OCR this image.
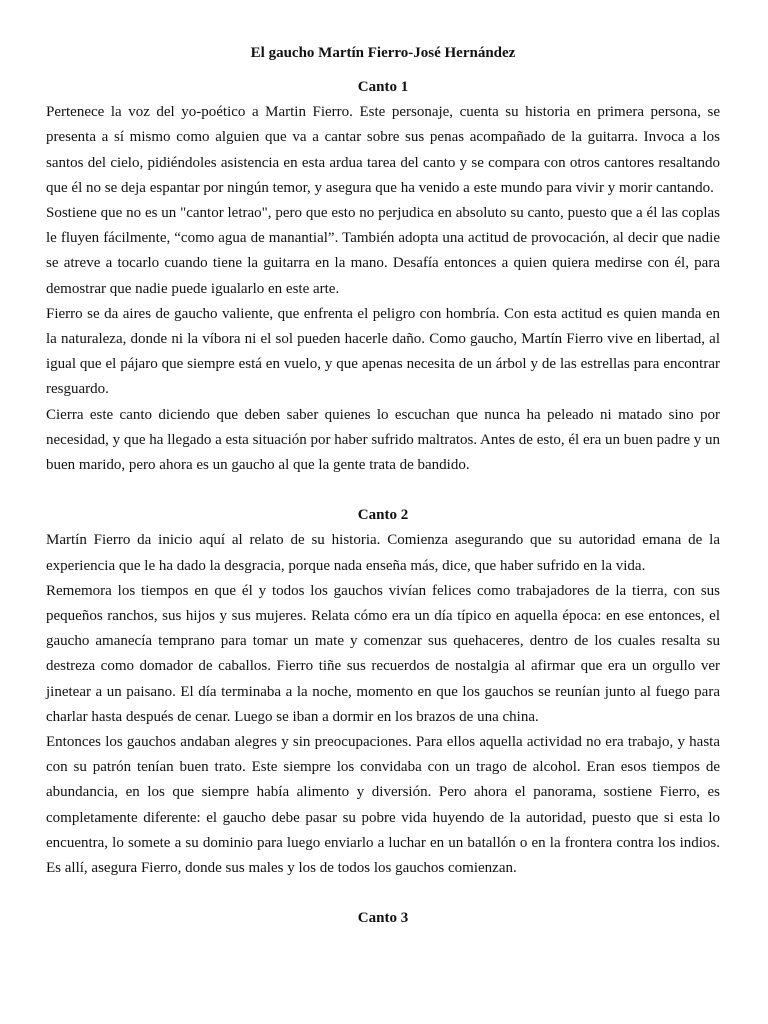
El gaucho Martín Fierro-José Hernández
Canto 1

Pertenece la voz del yo-poético a Martin Fierro. Este personaje, cuenta su historia en primera persona, se presenta a sí mismo como alguien que va a cantar sobre sus penas acompañado de la guitarra. Invoca a los santos del cielo, pidiéndoles asistencia en esta ardua tarea del canto y se compara con otros cantores resaltando que él no se deja espantar por ningún temor, y asegura que ha venido a este mundo para vivir y morir cantando.

Sostiene que no es un "cantor letrao", pero que esto no perjudica en absoluto su canto, puesto que a él las coplas le fluyen fácilmente, “como agua de manantial”. También adopta una actitud de provocación, al decir que nadie se atreve a tocarlo cuando tiene la guitarra en la mano. Desafía entonces a quien quiera medirse con él, para demostrar que nadie puede igualarlo en este arte.

Fierro se da aires de gaucho valiente, que enfrenta el peligro con hombría. Con esta actitud es quien manda en la naturaleza, donde ni la víbora ni el sol pueden hacerle daño. Como gaucho, Martín Fierro vive en libertad, al igual que el pájaro que siempre está en vuelo, y que apenas necesita de un árbol y de las estrellas para encontrar resguardo.

Cierra este canto diciendo que deben saber quienes lo escuchan que nunca ha peleado ni matado sino por necesidad, y que ha llegado a esta situación por haber sufrido maltratos. Antes de esto, él era un buen padre y un buen marido, pero ahora es un gaucho al que la gente trata de bandido.

Canto 2

Martín Fierro da inicio aquí al relato de su historia. Comienza asegurando que su autoridad emana de la experiencia que le ha dado la desgracia, porque nada enseña más, dice, que haber sufrido en la vida.

Rememora los tiempos en que él y todos los gauchos vivían felices como trabajadores de la tierra, con sus pequeños ranchos, sus hijos y sus mujeres. Relata cómo era un día típico en aquella época: en ese entonces, el gaucho amanecía temprano para tomar un mate y comenzar sus quehaceres, dentro de los cuales resalta su destreza como domador de caballos. Fierro tiñe sus recuerdos de nostalgia al afirmar que era un orgullo ver jinetear a un paisano. El día terminaba a la noche, momento en que los gauchos se reunían junto al fuego para charlar hasta después de cenar. Luego se iban a dormir en los brazos de una china.

Entonces los gauchos andaban alegres y sin preocupaciones. Para ellos aquella actividad no era trabajo, y hasta con su patrón tenían buen trato. Este siempre los convidaba con un trago de alcohol. Eran esos tiempos de abundancia, en los que siempre había alimento y diversión. Pero ahora el panorama, sostiene Fierro, es completamente diferente: el gaucho debe pasar su pobre vida huyendo de la autoridad, puesto que si esta lo encuentra, lo somete a su dominio para luego enviarlo a luchar en un batallón o en la frontera contra los indios. Es allí, asegura Fierro, donde sus males y los de todos los gauchos comienzan.

Canto 3
